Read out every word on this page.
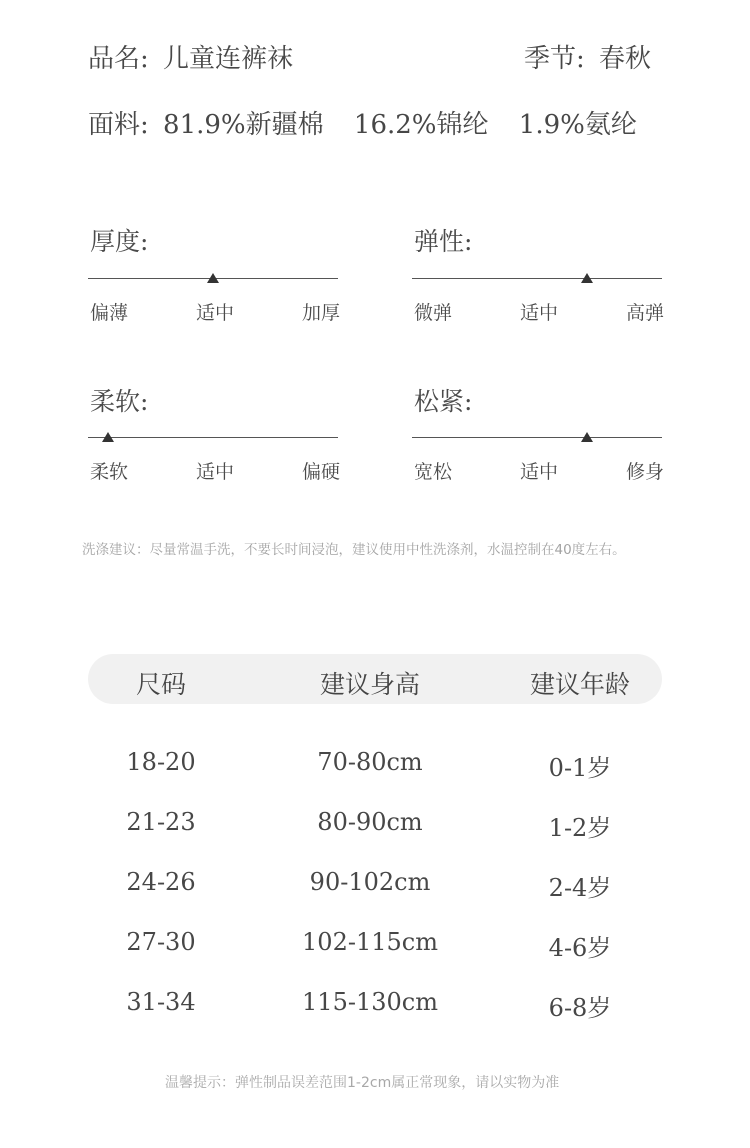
品名: 儿童连裤袜	季节: 春秋
面料: 81.9%新疆棉 16.2%锦纶 1.9%氨纶
厚度:
偏薄	适中	加厚
弹性:
微弹	适中	高弹
柔软:
柔软	适中	偏硬
松紧:
宽松	适中	修身
洗涤建议：尽量常温手洗，不要长时间浸泡，建议使用中性洗涤剂，水温控制在40度左右。
尺码	建议身高	建议年龄
18-20	70-80cm	0-1岁
21-23	80-90cm	1-2岁
24-26	90-102cm	2-4岁
27-30	102-115cm	4-6岁
31-34	115-130cm	6-8岁
温馨提示：弹性制品误差范围1-2cm属正常现象，请以实物为准
